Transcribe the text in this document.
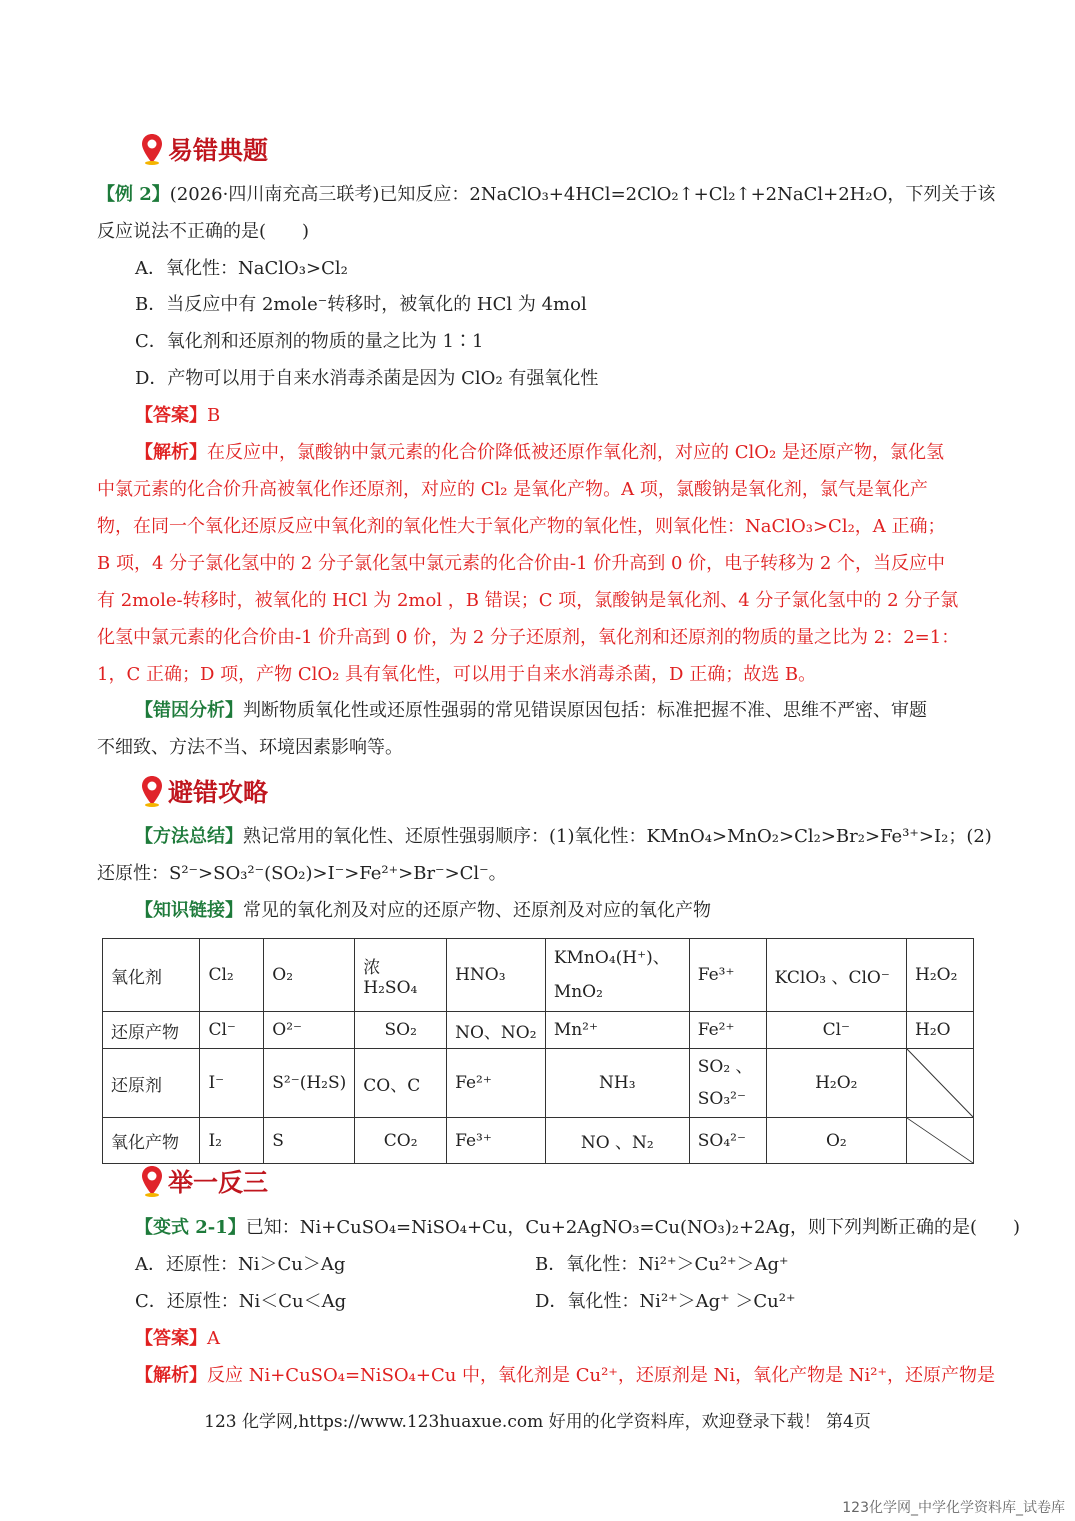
易错典题
【例 2】(2026·四川南充高三联考)已知反应：2NaClO₃+4HCl=2ClO₂↑+Cl₂↑+2NaCl+2H₂O，下列关于该
反应说法不正确的是(　　)
A．氧化性：NaClO₃>Cl₂
B．当反应中有 2mole⁻转移时，被氧化的 HCl 为 4mol
C．氧化剂和还原剂的物质的量之比为 1∶1
D．产物可以用于自来水消毒杀菌是因为 ClO₂ 有强氧化性
【答案】B
【解析】在反应中，氯酸钠中氯元素的化合价降低被还原作氧化剂，对应的 ClO₂ 是还原产物，氯化氢
中氯元素的化合价升高被氧化作还原剂，对应的 Cl₂ 是氧化产物。A 项，氯酸钠是氧化剂，氯气是氧化产
物，在同一个氧化还原反应中氧化剂的氧化性大于氧化产物的氧化性，则氧化性：NaClO₃>Cl₂，A 正确；
B 项，4 分子氯化氢中的 2 分子氯化氢中氯元素的化合价由-1 价升高到 0 价，电子转移为 2 个，当反应中
有 2mole-转移时，被氧化的 HCl 为 2mol ，B 错误；C 项，氯酸钠是氧化剂、4 分子氯化氢中的 2 分子氯
化氢中氯元素的化合价由-1 价升高到 0 价，为 2 分子还原剂，氧化剂和还原剂的物质的量之比为 2：2=1：
1，C 正确；D 项，产物 ClO₂ 具有氧化性，可以用于自来水消毒杀菌，D 正确；故选 B。
【错因分析】判断物质氧化性或还原性强弱的常见错误原因包括：标准把握不准、思维不严密、审题
不细致、方法不当、环境因素影响等。
避错攻略
【方法总结】熟记常用的氧化性、还原性强弱顺序：(1)氧化性：KMnO₄>MnO₂>Cl₂>Br₂>Fe³⁺>I₂；(2)
还原性：S²⁻>SO₃²⁻(SO₂)>I⁻>Fe²⁺>Br⁻>Cl⁻。
【知识链接】常见的氧化剂及对应的还原产物、还原剂及对应的氧化产物
氧化剂	Cl₂	O₂	浓 H₂SO₄	HNO₃	KMnO₄(H⁺)、MnO₂	Fe³⁺	KClO₃ 、ClO⁻	H₂O₂
还原产物	Cl⁻	O²⁻	SO₂	NO、NO₂	Mn²⁺	Fe²⁺	Cl⁻	H₂O
还原剂	I⁻	S²⁻(H₂S)	CO、C	Fe²⁺	NH₃	SO₂ 、SO₃²⁻	H₂O₂	

氧化产物	I₂	S	CO₂	Fe³⁺	NO 、N₂	SO₄²⁻	O₂	
举一反三
【变式 2-1】已知：Ni+CuSO₄=NiSO₄+Cu，Cu+2AgNO₃=Cu(NO₃)₂+2Ag，则下列判断正确的是(　　)
A．还原性：Ni＞Cu＞Ag	B．氧化性：Ni²⁺＞Cu²⁺＞Ag⁺
C．还原性：Ni＜Cu＜Ag	D．氧化性：Ni²⁺＞Ag⁺ ＞Cu²⁺
【答案】A
【解析】反应 Ni+CuSO₄=NiSO₄+Cu 中，氧化剂是 Cu²⁺，还原剂是 Ni，氧化产物是 Ni²⁺，还原产物是
123 化学网,https://www.123huaxue.com 好用的化学资料库，欢迎登录下载！ 第4页
123化学网_中学化学资料库_试卷库
